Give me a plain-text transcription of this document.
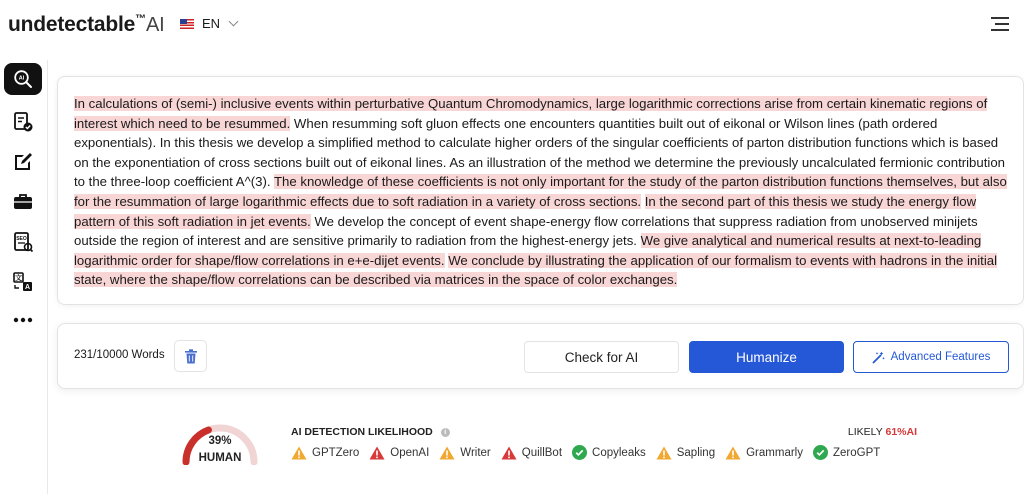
undetectable™AI	EN
AI
SEO
文
A

In calculations of (semi-) inclusive events within perturbative Quantum Chromodynamics, large logarithmic corrections arise from certain kinematic regions of interest which need to be resummed. When resumming soft gluon effects one encounters quantities built out of eikonal or Wilson lines (path ordered exponentials). In this thesis we develop a simplified method to calculate higher orders of the singular coefficients of parton distribution functions which is based on the exponentiation of cross sections built out of eikonal lines. As an illustration of the method we determine the previously uncalculated fermionic contribution to the three-loop coefficient A^(3). The knowledge of these coefficients is not only important for the study of the parton distribution functions themselves, but also for the resummation of large logarithmic effects due to soft radiation in a variety of cross sections. In the second part of this thesis we study the energy flow pattern of this soft radiation in jet events. We develop the concept of event shape-energy flow correlations that suppress radiation from unobserved minijets outside the region of interest and are sensitive primarily to radiation from the highest-energy jets. We give analytical and numerical results at next-to-leading logarithmic order for shape/flow correlations in e+e-dijet events. We conclude by illustrating the application of our formalism to events with hadrons in the initial state, where the shape/flow correlations can be described via matrices in the space of color exchanges.

231/10000 Words	Check for AI	Humanize	Advanced Features
39%
HUMAN
AI DETECTION LIKELIHOOD	i	LIKELY 61%AI
GPTZero	OpenAI	Writer	QuillBot	Copyleaks	Sapling	Grammarly	ZeroGPT
